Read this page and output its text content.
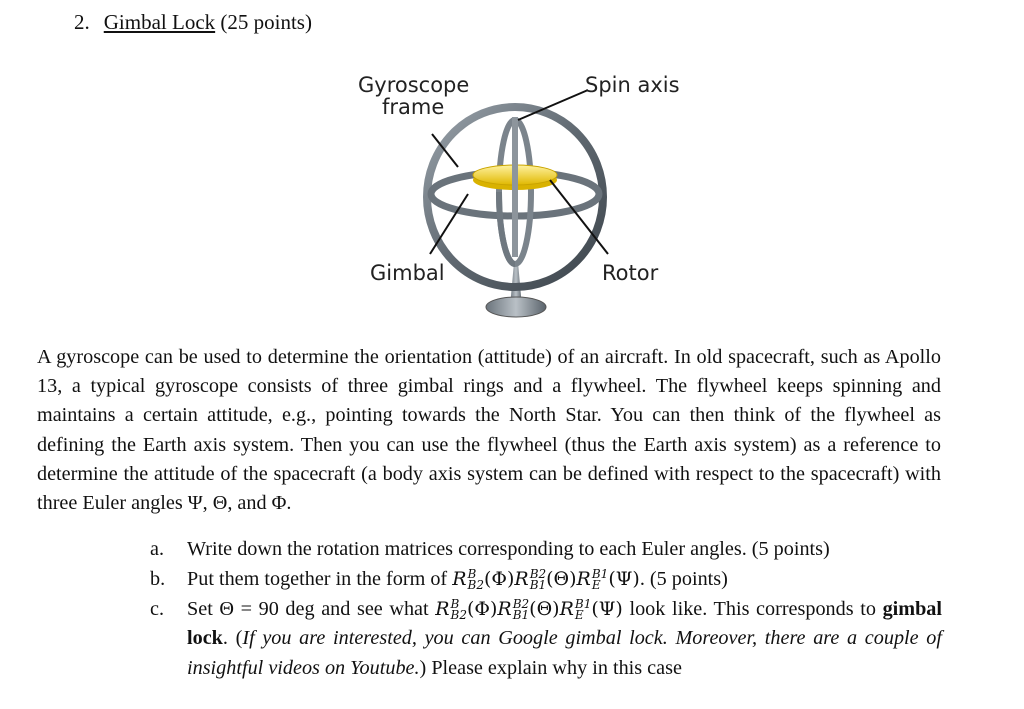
2. Gimbal Lock (25 points)
Gyroscope
frame
Spin axis
Gimbal	Rotor
A gyroscope can be used to determine the orientation (attitude) of an aircraft. In old spacecraft, such as Apollo 13, a typical gyroscope consists of three gimbal rings and a flywheel. The flywheel keeps spinning and maintains a certain attitude, e.g., pointing towards the North Star. You can then think of the flywheel as defining the Earth axis system. Then you can use the flywheel (thus the Earth axis system) as a reference to determine the attitude of the spacecraft (a body axis system can be defined with respect to the spacecraft) with three Euler angles Ψ, Θ, and Φ.
a.	Write down the rotation matrices corresponding to each Euler angles. (5 points)
b.	Put them together in the form of R B
B2 (Φ)R B2
B1 (Θ)R B1
E (Ψ). (5 points)
c.	Set Θ = 90 deg and see what R B
B2 (Φ)R B2
B1 (Θ)R B1
E (Ψ) look like. This corresponds to gimbal lock. (If you are interested, you can Google gimbal lock. Moreover, there are a couple of insightful videos on Youtube.) Please explain why in this case
